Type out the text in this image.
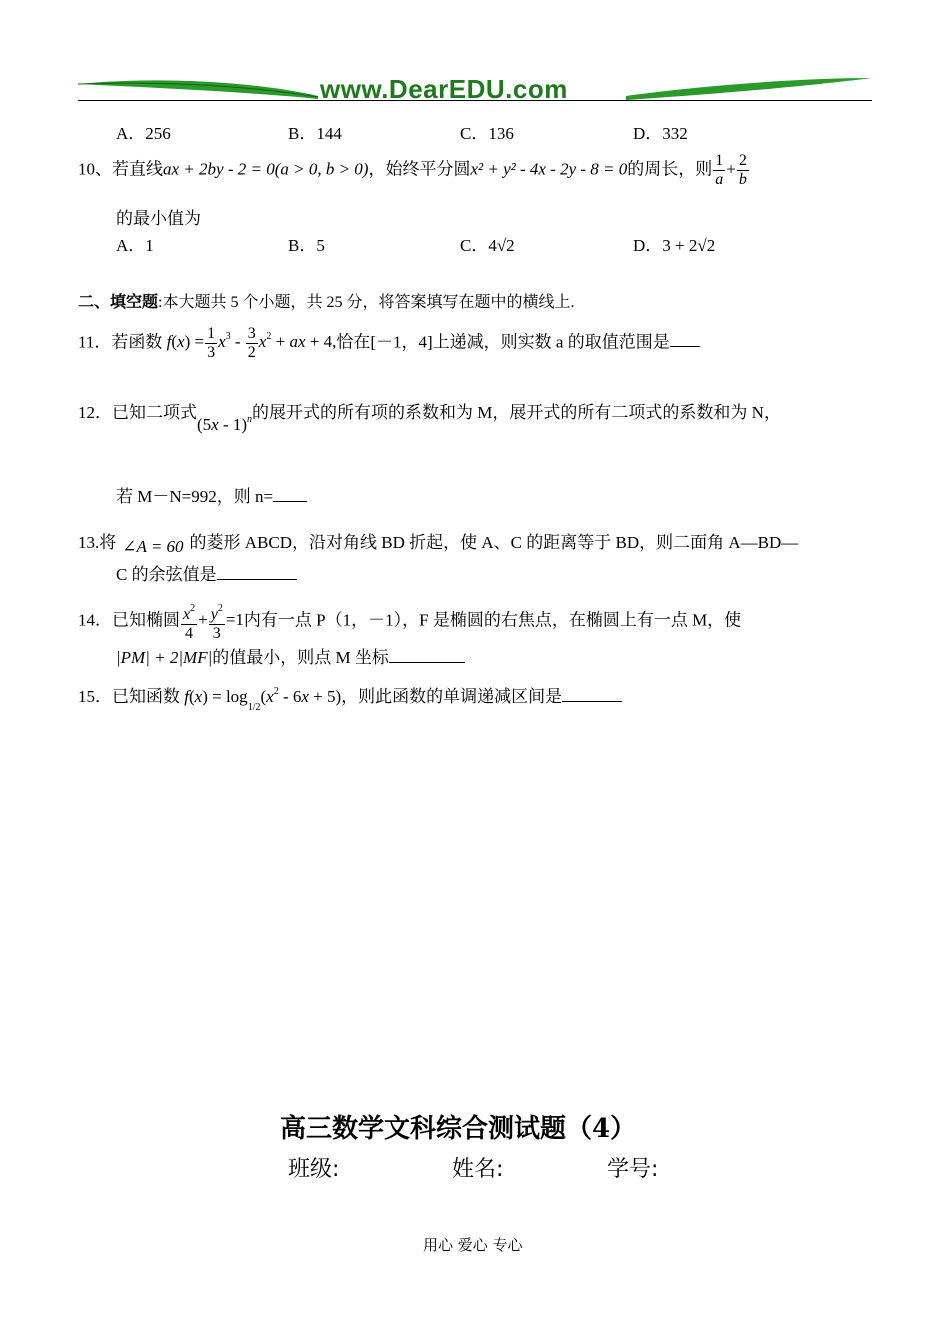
www.DearEDU.com
A．256	B．144	C．136	D．332
10、若直线ax + 2by - 2 = 0(a > 0, b > 0)，始终平分圆x² + y² - 4x - 2y - 8 = 0的周长，则 $\frac{1}{a} + \frac{2}{b}$
的最小值为
A．1	B．5	C．4√2	D．3 + 2√2
二、填空题:本大题共 5 个小题，共 25 分，将答案填写在题中的横线上.
11．若函数 $f(x) = \frac{1}{3} x^3 - \frac{3}{2} x^2$ + ax + 4,恰在[－1，4]上递减，则实数 a 的取值范围是
12．已知二项式(5x - 1)$^n$的展开式的所有项的系数和为 M，展开式的所有二项式的系数和为 N，
若 M－N=992，则 n=
13.将 ∠A = 60 的菱形 ABCD，沿对角线 BD 折起，使 A、C 的距离等于 BD，则二面角 A—BD—
C 的余弦值是
14．已知椭圆 $\frac{x^2}{4} + \frac{y^2}{3} =1$内有一点 P（1，－1），F 是椭圆的右焦点，在椭圆上有一点 M，使
|PM| + 2|MF|的值最小，则点 M 坐标
15．已知函数 $f(x) = \log_{1/2}(x^2 - 6x + 5)$，则此函数的单调递减区间是
高三数学文科综合测试题（4）
班级:	姓名:	学号:
用心 爱心 专心
